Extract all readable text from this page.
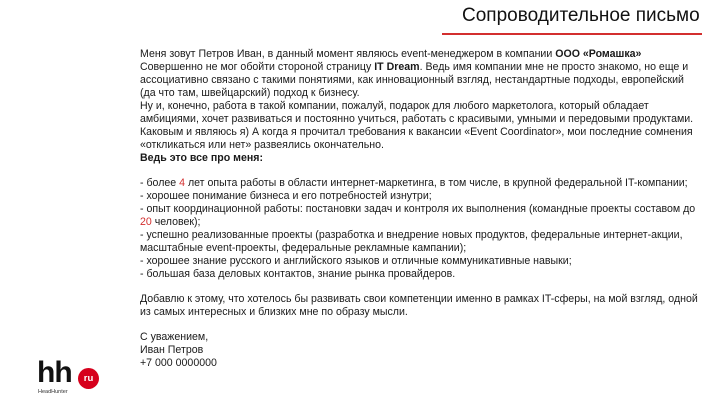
Сопроводительное письмо

Меня зовут Петров Иван, в данный момент являюсь event-менеджером в компании ООО «Ромашка» Совершенно не мог обойти стороной страницу IT Dream. Ведь имя компании мне не просто знакомо, но еще и ассоциативно связано с такими понятиями, как инновационный взгляд, нестандартные подходы, европейский (да что там, швейцарский) подход к бизнесу.

Ну и, конечно, работа в такой компании, пожалуй, подарок для любого маркетолога, который обладает амбициями, хочет развиваться и постоянно учиться, работать с красивыми, умными и передовыми продуктами. Каковым и являюсь я) А когда я прочитал требования к вакансии «Event Coordinator», мои последние сомнения «откликаться или нет» развеялись окончательно.

Ведь это все про меня:

- более 4 лет опыта работы в области интернет-маркетинга, в том числе, в крупной федеральной IT-компании;

- хорошее понимание бизнеса и его потребностей изнутри;

- опыт координационной работы: постановки задач и контроля их выполнения (командные проекты составом до 20 человек);

- успешно реализованные проекты (разработка и внедрение новых продуктов, федеральные интернет-акции, масштабные event-проекты, федеральные рекламные кампании);

- хорошее знание русского и английского языков и отличные коммуникативные навыки;

- большая база деловых контактов, знание рынка провайдеров.

Добавлю к этому, что хотелось бы развивать свои компетенции именно в рамках IT-сферы, на мой взгляд, одной из самых интересных и близких мне по образу мысли.

С уважением,

Иван Петров

+7 000 0000000

hh	ru
HeadHunter
